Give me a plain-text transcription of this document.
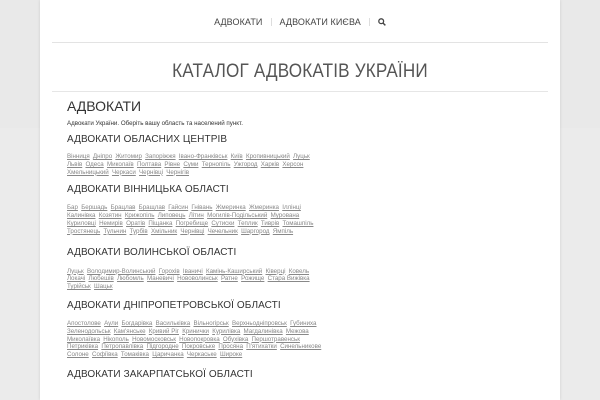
АДВОКАТИ	АДВОКАТИ КИЄВА
КАТАЛОГ АДВОКАТІВ УКРАЇНИ
АДВОКАТИ

Адвокати України. Оберіть вашу область та населений пункт.

АДВОКАТИ ОБЛАСНИХ ЦЕНТРІВ
Вінниця Дніпро Житомир Запоріжжя Івано-Франківськ Київ Кропивницький Луцьк Львів Одеса Миколаїв Полтава Рівне Суми Тернопіль Ужгород Харків Херсон Хмельницький Черкаси Чернівці Чернігів
АДВОКАТИ ВІННИЦЬКА ОБЛАСТІ
Бар Бершадь Брацлав Бращлав Гайсин Гнівань Жмеринка Жмеринка Іллінці Калинівка Козятин Крижопіль Липовець Літин Могилів-Подільський Мурована Куриловці Немирів Оратів Піщанка Погребище Сутиски Теплик Тиврів Томашпіль Тростянець Тульчин Турбів Хмільник Чернівці Чечельник Шаргород Ямпіль
АДВОКАТИ ВОЛИНСЬКОЇ ОБЛАСТІ
Луцьк Володимир-Волинський Горохів Іваничі Камінь-Каширський Ківерці Ковель Локачі Любешів Любомль Маневичі Нововолинськ Ратне Рожище Стара Вижівка Турійськ Шацьк
АДВОКАТИ ДНІПРОПЕТРОВСЬКОЇ ОБЛАСТІ
Апостолове Аули Богдарівка Васильківка Вільногірськ Верхньодніпровськ Губиниха Зеленодольськ Кам'янське Кривий Ріг Кринички Курилівка Магдалинівка Межова Миколаївка Нікополь Новомосковськ Новопокровка Обухівка Першотравенськ Петриківка Петропавлівка Підгородне Покровське Просяна П'ятихатки Синельникове Солоне Софіївка Томаківка Царичанка Черкаське Широке
АДВОКАТИ ЗАКАРПАТСЬКОЇ ОБЛАСТІ
